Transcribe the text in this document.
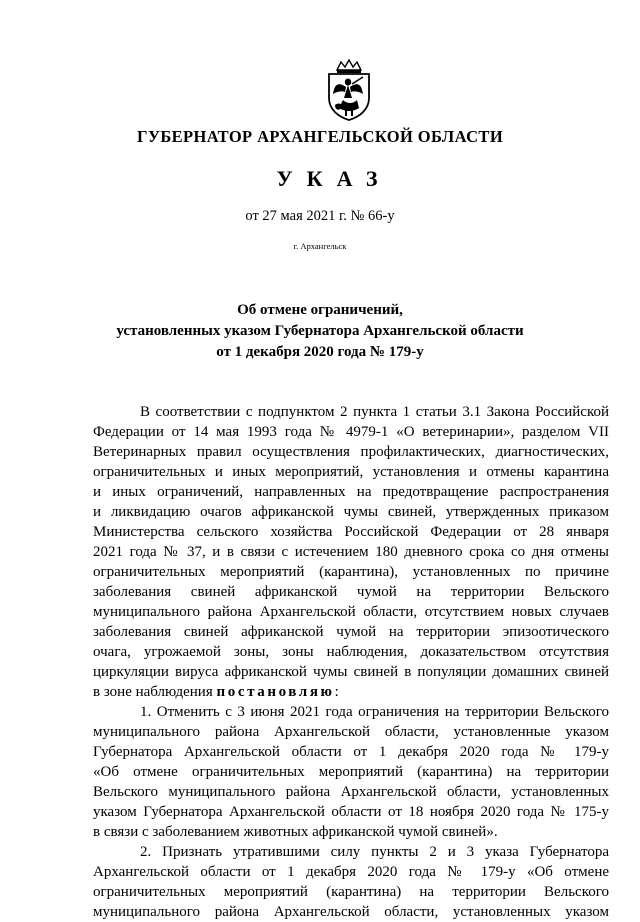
ГУБЕРНАТОР АРХАНГЕЛЬСКОЙ ОБЛАСТИ
УКАЗ
от 27 мая 2021 г. № 66-у
г. Архангельск
Об отмене ограничений,
установленных указом Губернатора Архангельской области
от 1 декабря 2020 года № 179-у
В соответствии с подпунктом 2 пункта 1 статьи 3.1 Закона Российской
Федерации от 14 мая 1993 года № 4979-1 «О ветеринарии», разделом VII
Ветеринарных правил осуществления профилактических, диагностических,
ограничительных и иных мероприятий, установления и отмены карантина
и иных ограничений, направленных на предотвращение распространения
и ликвидацию очагов африканской чумы свиней, утвержденных приказом
Министерства сельского хозяйства Российской Федерации от 28 января
2021 года № 37, и в связи с истечением 180 дневного срока со дня отмены
ограничительных мероприятий (карантина), установленных по причине
заболевания свиней африканской чумой на территории Вельского
муниципального района Архангельской области, отсутствием новых случаев
заболевания свиней африканской чумой на территории эпизоотического
очага, угрожаемой зоны, зоны наблюдения, доказательством отсутствия
циркуляции вируса африканской чумы свиней в популяции домашних свиней
в зоне наблюдения постановляю:
1. Отменить с 3 июня 2021 года ограничения на территории Вельского
муниципального района Архангельской области, установленные указом
Губернатора Архангельской области от 1 декабря 2020 года № 179-у
«Об отмене ограничительных мероприятий (карантина) на территории
Вельского муниципального района Архангельской области, установленных
указом Губернатора Архангельской области от 18 ноября 2020 года № 175-у
в связи с заболеванием животных африканской чумой свиней».
2. Признать утратившими силу пункты 2 и 3 указа Губернатора
Архангельской области от 1 декабря 2020 года № 179-у «Об отмене
ограничительных мероприятий (карантина) на территории Вельского
муниципального района Архангельской области, установленных указом
